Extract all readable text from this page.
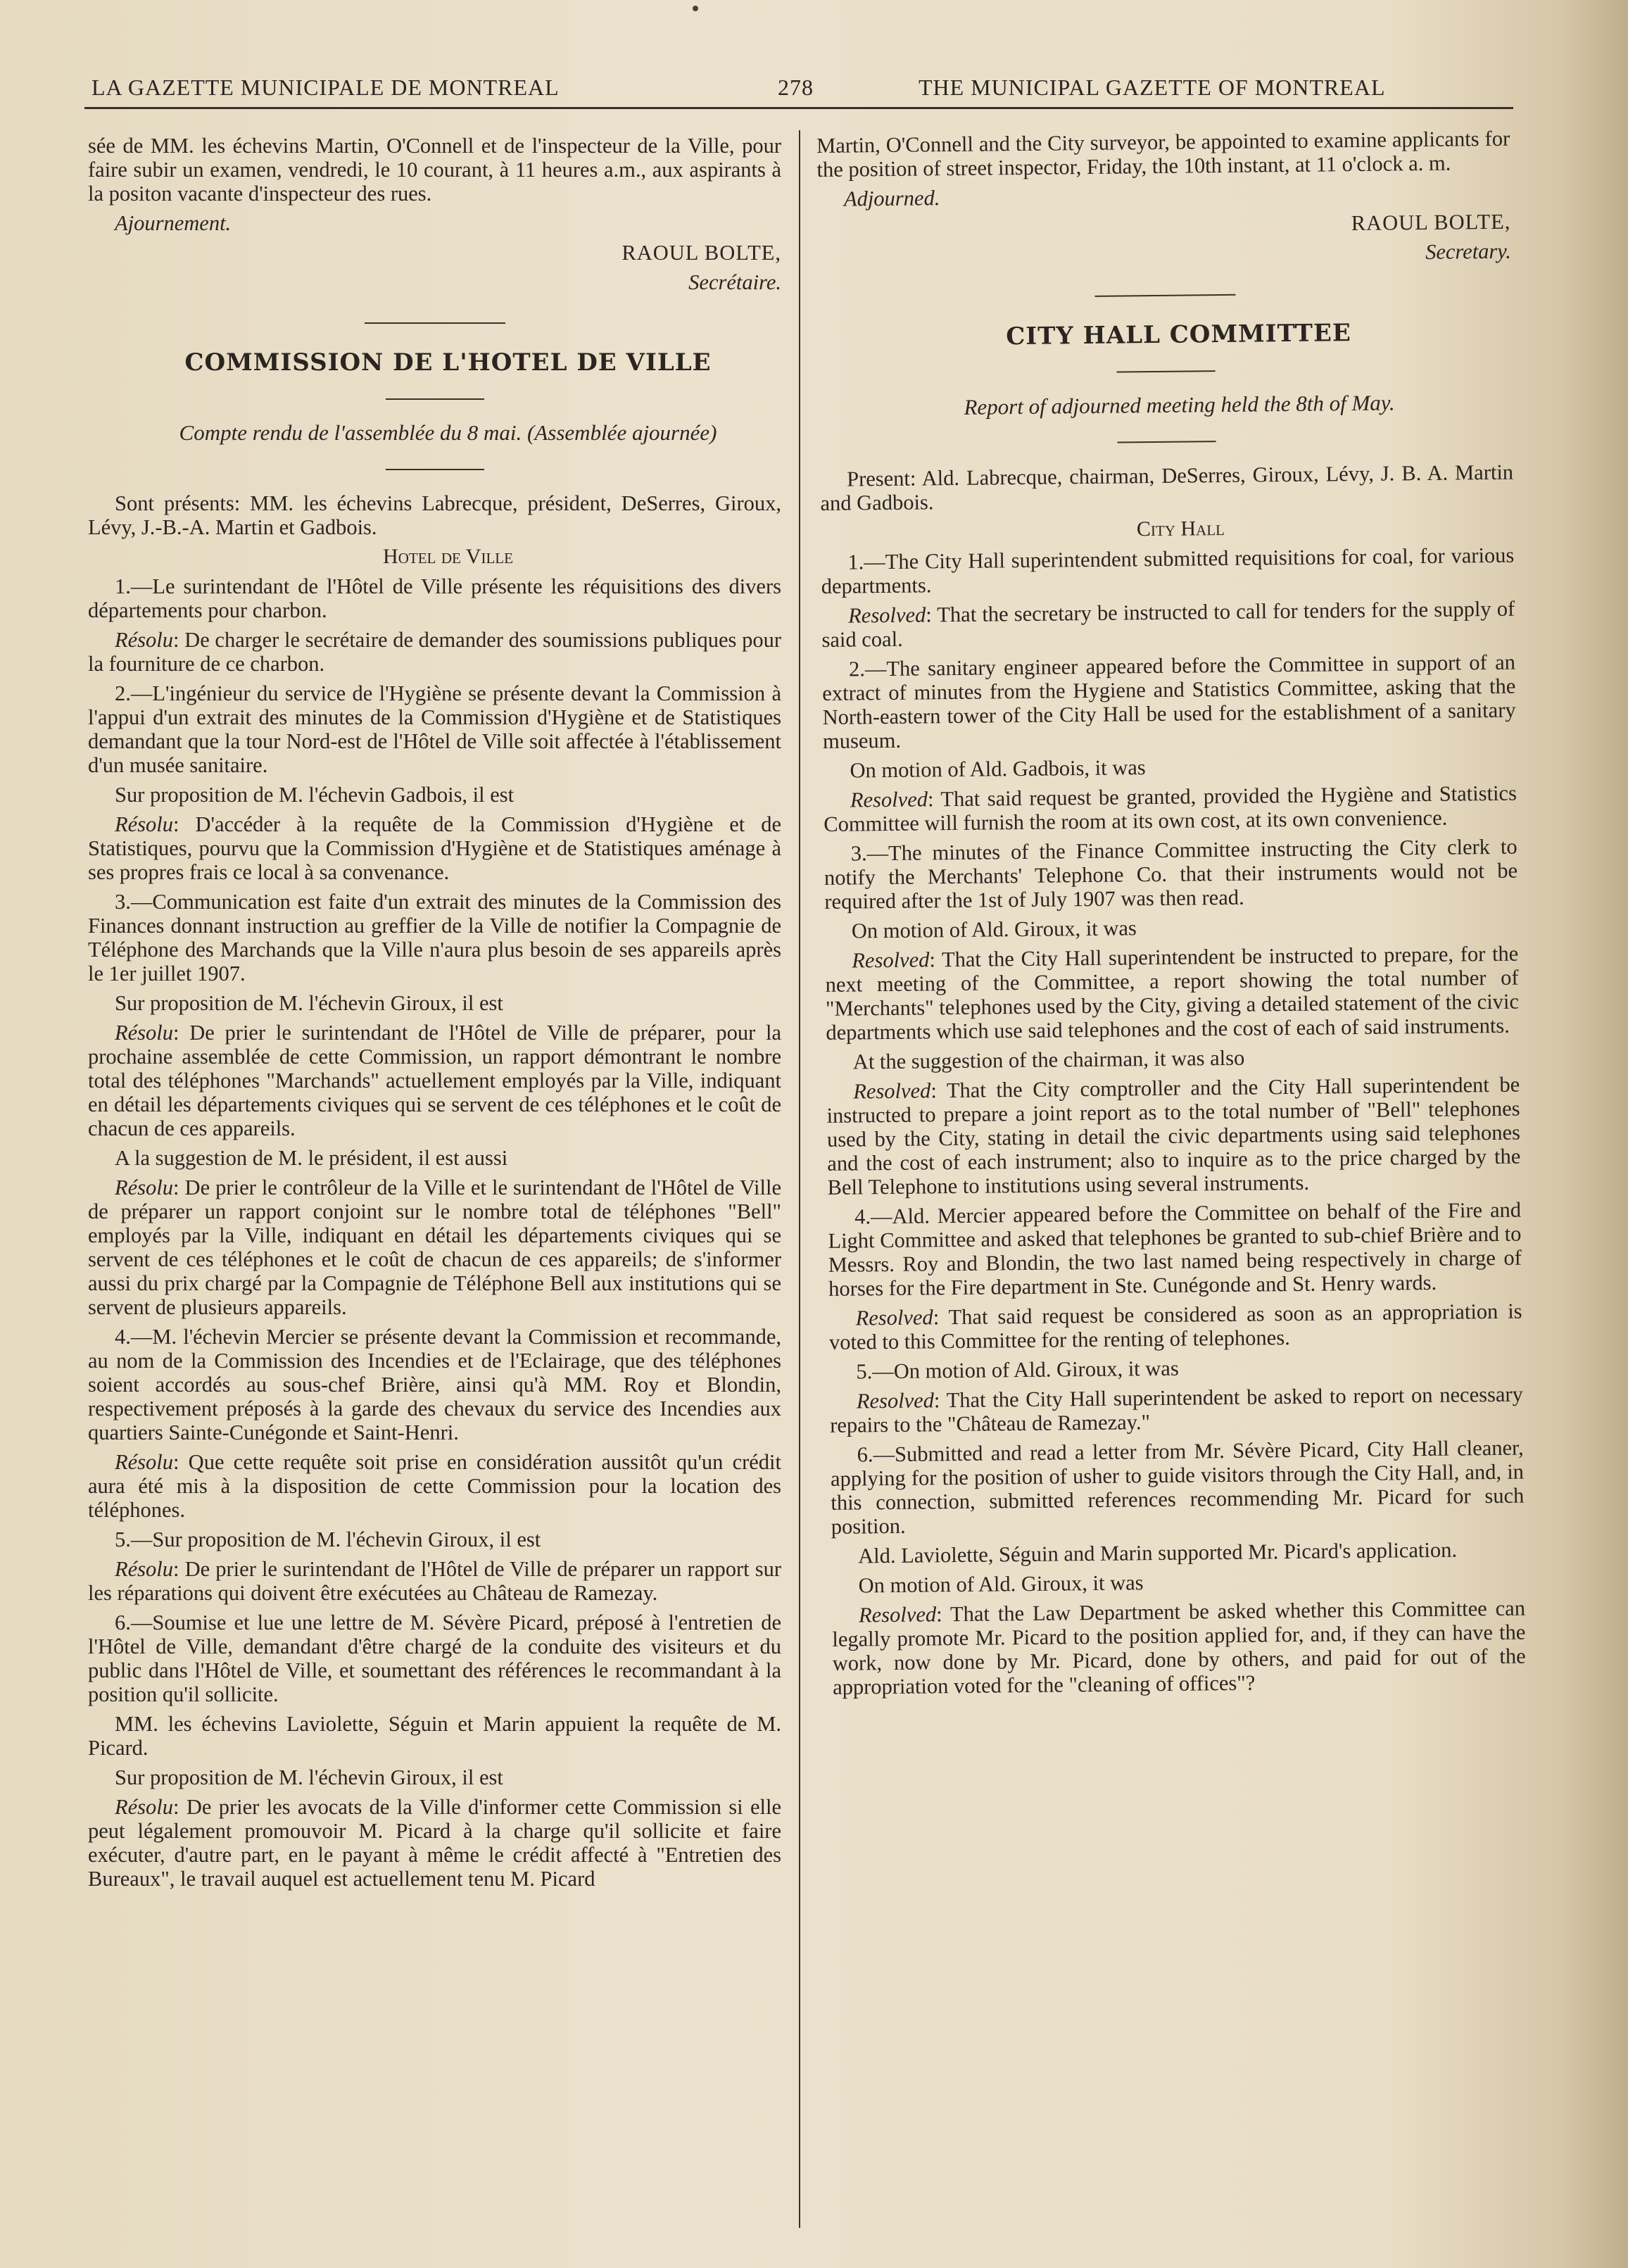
LA GAZETTE MUNICIPALE DE MONTREAL	278	THE MUNICIPAL GAZETTE OF MONTREAL

sée de MM. les échevins Martin, O'Connell et de l'inspecteur de la Ville, pour faire subir un examen, vendredi, le 10 courant, à 11 heures a.m., aux aspirants à la positon vacante d'inspecteur des rues.

Ajournement.

RAOUL BOLTE,

Secrétaire.

COMMISSION DE L'HOTEL DE VILLE

Compte rendu de l'assemblée du 8 mai. (Assemblée ajournée)

Sont présents: MM. les échevins Labrecque, président, DeSerres, Giroux, Lévy, J.-B.-A. Martin et Gadbois.

Hotel de Ville

1.—Le surintendant de l'Hôtel de Ville présente les réquisitions des divers départements pour charbon.

Résolu: De charger le secrétaire de demander des soumissions publiques pour la fourniture de ce charbon.

2.—L'ingénieur du service de l'Hygiène se présente devant la Commission à l'appui d'un extrait des minutes de la Commission d'Hygiène et de Statistiques demandant que la tour Nord-est de l'Hôtel de Ville soit affectée à l'établissement d'un musée sanitaire.

Sur proposition de M. l'échevin Gadbois, il est

Résolu: D'accéder à la requête de la Commission d'Hygiène et de Statistiques, pourvu que la Commission d'Hygiène et de Statistiques aménage à ses propres frais ce local à sa convenance.

3.—Communication est faite d'un extrait des minutes de la Commission des Finances donnant instruction au greffier de la Ville de notifier la Compagnie de Téléphone des Marchands que la Ville n'aura plus besoin de ses appareils après le 1er juillet 1907.

Sur proposition de M. l'échevin Giroux, il est

Résolu: De prier le surintendant de l'Hôtel de Ville de préparer, pour la prochaine assemblée de cette Commission, un rapport démontrant le nombre total des téléphones "Marchands" actuellement employés par la Ville, indiquant en détail les départements civiques qui se servent de ces téléphones et le coût de chacun de ces appareils.

A la suggestion de M. le président, il est aussi

Résolu: De prier le contrôleur de la Ville et le surintendant de l'Hôtel de Ville de préparer un rapport conjoint sur le nombre total de téléphones "Bell" employés par la Ville, indiquant en détail les départements civiques qui se servent de ces téléphones et le coût de chacun de ces appareils; de s'informer aussi du prix chargé par la Compagnie de Téléphone Bell aux institutions qui se servent de plusieurs appareils.

4.—M. l'échevin Mercier se présente devant la Commission et recommande, au nom de la Commission des Incendies et de l'Eclairage, que des téléphones soient accordés au sous-chef Brière, ainsi qu'à MM. Roy et Blondin, respectivement préposés à la garde des chevaux du service des Incendies aux quartiers Sainte-Cunégonde et Saint-Henri.

Résolu: Que cette requête soit prise en considération aussitôt qu'un crédit aura été mis à la disposition de cette Commission pour la location des téléphones.

5.—Sur proposition de M. l'échevin Giroux, il est

Résolu: De prier le surintendant de l'Hôtel de Ville de préparer un rapport sur les réparations qui doivent être exécutées au Château de Ramezay.

6.—Soumise et lue une lettre de M. Sévère Picard, préposé à l'entretien de l'Hôtel de Ville, demandant d'être chargé de la conduite des visiteurs et du public dans l'Hôtel de Ville, et soumettant des références le recommandant à la position qu'il sollicite.

MM. les échevins Laviolette, Séguin et Marin appuient la requête de M. Picard.

Sur proposition de M. l'échevin Giroux, il est

Résolu: De prier les avocats de la Ville d'informer cette Commission si elle peut légalement promouvoir M. Picard à la charge qu'il sollicite et faire exécuter, d'autre part, en le payant à même le crédit affecté à "Entretien des Bureaux", le travail auquel est actuellement tenu M. Picard

Martin, O'Connell and the City surveyor, be appointed to examine applicants for the position of street inspector, Friday, the 10th instant, at 11 o'clock a. m.

Adjourned.

RAOUL BOLTE,

Secretary.

CITY HALL COMMITTEE

Report of adjourned meeting held the 8th of May.

Present: Ald. Labrecque, chairman, DeSerres, Giroux, Lévy, J. B. A. Martin and Gadbois.

City Hall

1.—The City Hall superintendent submitted requisitions for coal, for various departments.

Resolved: That the secretary be instructed to call for tenders for the supply of said coal.

2.—The sanitary engineer appeared before the Committee in support of an extract of minutes from the Hygiene and Statistics Committee, asking that the North-eastern tower of the City Hall be used for the establishment of a sanitary museum.

On motion of Ald. Gadbois, it was

Resolved: That said request be granted, provided the Hygiène and Statistics Committee will furnish the room at its own cost, at its own convenience.

3.—The minutes of the Finance Committee instructing the City clerk to notify the Merchants' Telephone Co. that their instruments would not be required after the 1st of July 1907 was then read.

On motion of Ald. Giroux, it was

Resolved: That the City Hall superintendent be instructed to prepare, for the next meeting of the Committee, a report showing the total number of "Merchants" telephones used by the City, giving a detailed statement of the civic departments which use said telephones and the cost of each of said instruments.

At the suggestion of the chairman, it was also

Resolved: That the City comptroller and the City Hall superintendent be instructed to prepare a joint report as to the total number of "Bell" telephones used by the City, stating in detail the civic departments using said telephones and the cost of each instrument; also to inquire as to the price charged by the Bell Telephone to institutions using several instruments.

4.—Ald. Mercier appeared before the Committee on behalf of the Fire and Light Committee and asked that telephones be granted to sub-chief Brière and to Messrs. Roy and Blondin, the two last named being respectively in charge of horses for the Fire department in Ste. Cunégonde and St. Henry wards.

Resolved: That said request be considered as soon as an appropriation is voted to this Committee for the renting of telephones.

5.—On motion of Ald. Giroux, it was

Resolved: That the City Hall superintendent be asked to report on necessary repairs to the "Château de Ramezay."

6.—Submitted and read a letter from Mr. Sévère Picard, City Hall cleaner, applying for the position of usher to guide visitors through the City Hall, and, in this connection, submitted references recommending Mr. Picard for such position.

Ald. Laviolette, Séguin and Marin supported Mr. Picard's application.

On motion of Ald. Giroux, it was

Resolved: That the Law Department be asked whether this Committee can legally promote Mr. Picard to the position applied for, and, if they can have the work, now done by Mr. Picard, done by others, and paid for out of the appropriation voted for the "cleaning of offices"?
